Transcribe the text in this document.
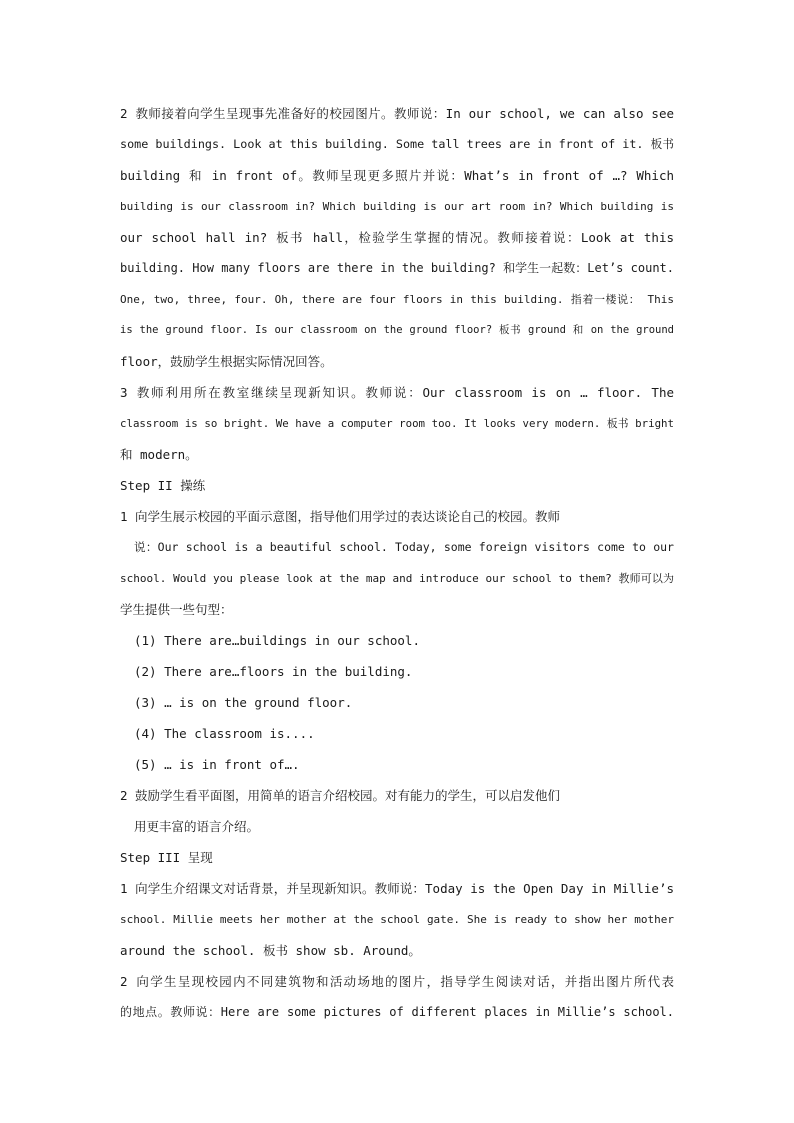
2 教师接着向学生呈现事先准备好的校园图片。教师说：In our school, we can also see
some buildings. Look at this building. Some tall trees are in front of it. 板书
building 和 in front of。教师呈现更多照片并说：What’s in front of …? Which
building is our classroom in? Which building is our art room in? Which building is
our school hall in? 板书 hall，检验学生掌握的情况。教师接着说：Look at this
building. How many floors are there in the building? 和学生一起数：Let’s count.
One, two, three, four. Oh, there are four floors in this building. 指着一楼说： This
is the ground floor. Is our classroom on the ground floor? 板书 ground 和 on the ground
floor，鼓励学生根据实际情况回答。
3 教师利用所在教室继续呈现新知识。教师说：Our classroom is on … floor. The
classroom is so bright. We have a computer room too. It looks very modern. 板书 bright
和 modern。
Step II 操练
1 向学生展示校园的平面示意图，指导他们用学过的表达谈论自己的校园。教师
说：Our school is a beautiful school. Today, some foreign visitors come to our
school. Would you please look at the map and introduce our school to them? 教师可以为
学生提供一些句型：
(1) There are…buildings in our school.
(2) There are…floors in the building.
(3) … is on the ground floor.
(4) The classroom is....
(5) … is in front of….
2 鼓励学生看平面图，用简单的语言介绍校园。对有能力的学生，可以启发他们
用更丰富的语言介绍。
Step III 呈现
1 向学生介绍课文对话背景，并呈现新知识。教师说：Today is the Open Day in Millie’s
school. Millie meets her mother at the school gate. She is ready to show her mother
around the school. 板书 show sb. Around。
2 向学生呈现校园内不同建筑物和活动场地的图片，指导学生阅读对话，并指出图片所代表
的地点。教师说：Here are some pictures of different places in Millie’s school.
